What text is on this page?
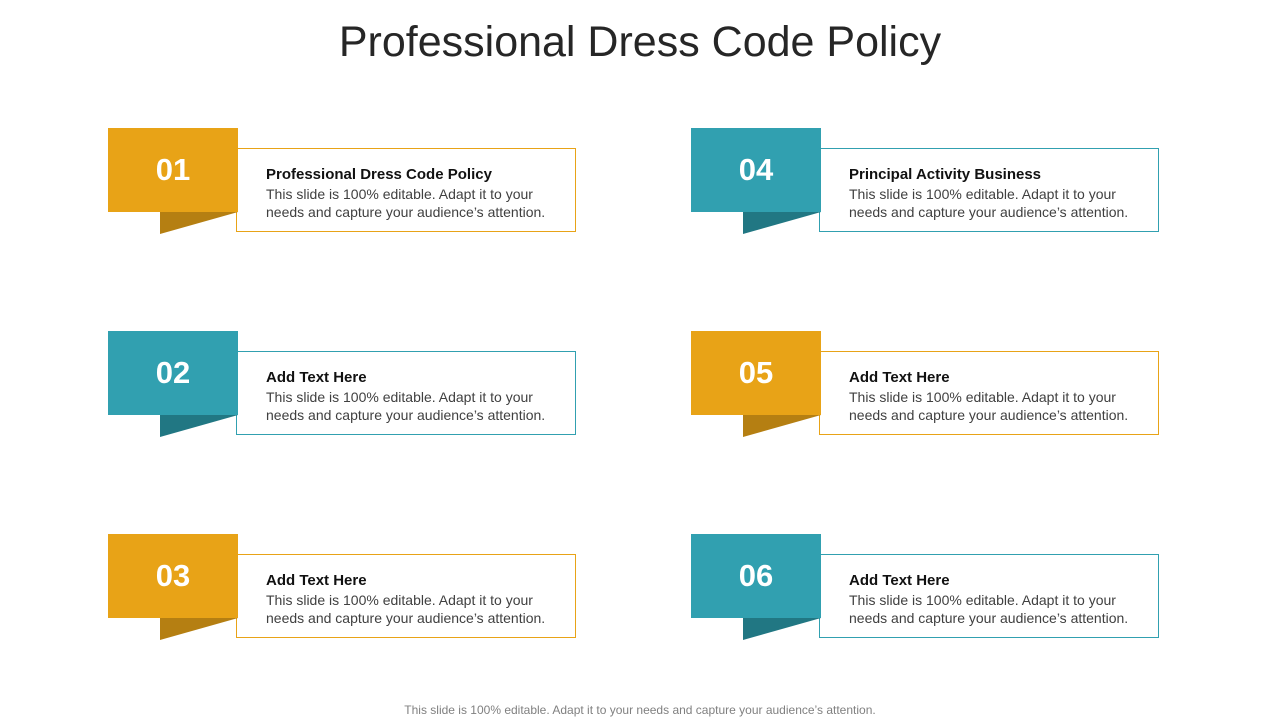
Professional Dress Code Policy
01	Professional Dress Code Policy
This slide is 100% editable. Adapt it to your needs and capture your audience’s attention.
02	Add Text Here
This slide is 100% editable. Adapt it to your needs and capture your audience’s attention.
03	Add Text Here
This slide is 100% editable. Adapt it to your needs and capture your audience’s attention.
04	Principal Activity Business
This slide is 100% editable. Adapt it to your needs and capture your audience’s attention.
05	Add Text Here
This slide is 100% editable. Adapt it to your needs and capture your audience’s attention.
06	Add Text Here
This slide is 100% editable. Adapt it to your needs and capture your audience’s attention.
This slide is 100% editable. Adapt it to your needs and capture your audience’s attention.
